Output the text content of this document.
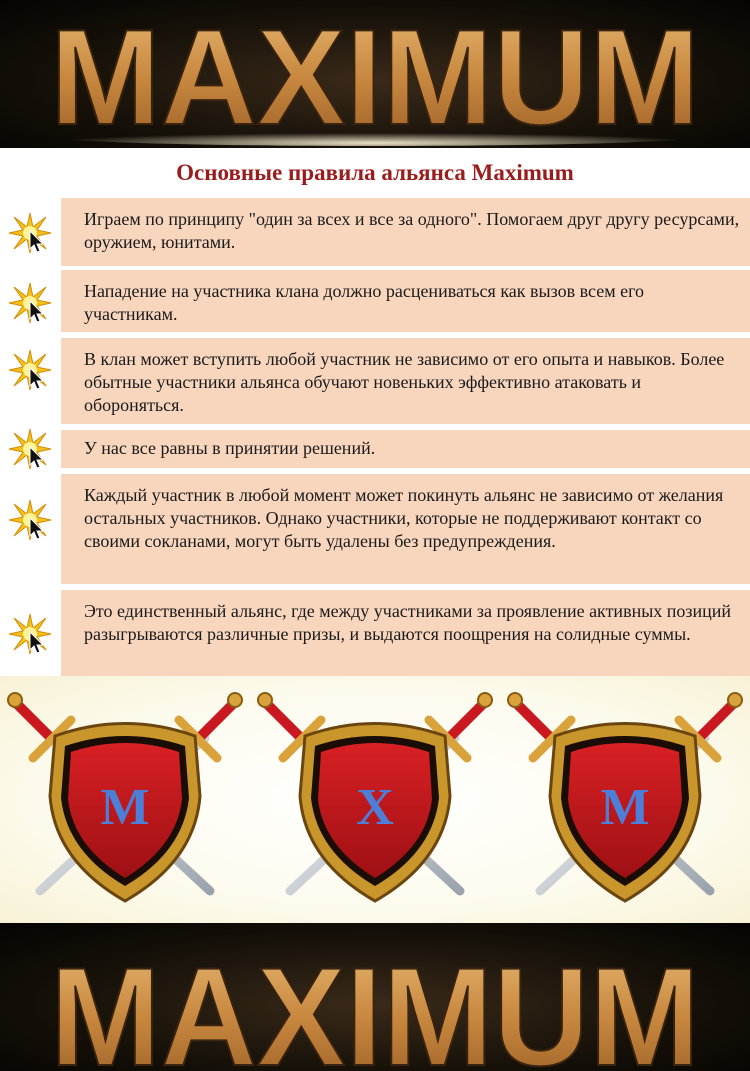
MAXIMUM
Основные правила альянса Maximum
Играем по принципу "один за всех и все за одного". Помогаем друг другу ресурсами, оружием, юнитами.
Нападение на участника клана должно расцениваться как вызов всем его участникам.
В клан может вступить любой участник не зависимо от его опыта и навыков. Более обытные участники альянса обучают новеньких эффективно атаковать и обороняться.
У нас все равны в принятии решений.
Каждый участник в любой момент может покинуть альянс не зависимо от желания остальных участников. Однако участники, которые не поддерживают контакт со своими сокланами, могут быть удалены без предупреждения.
Это единственный альянс, где между участниками за проявление активных позиций разыгрываются различные призы, и выдаются поощрения на солидные суммы.
M	X	M
MAXIMUM
